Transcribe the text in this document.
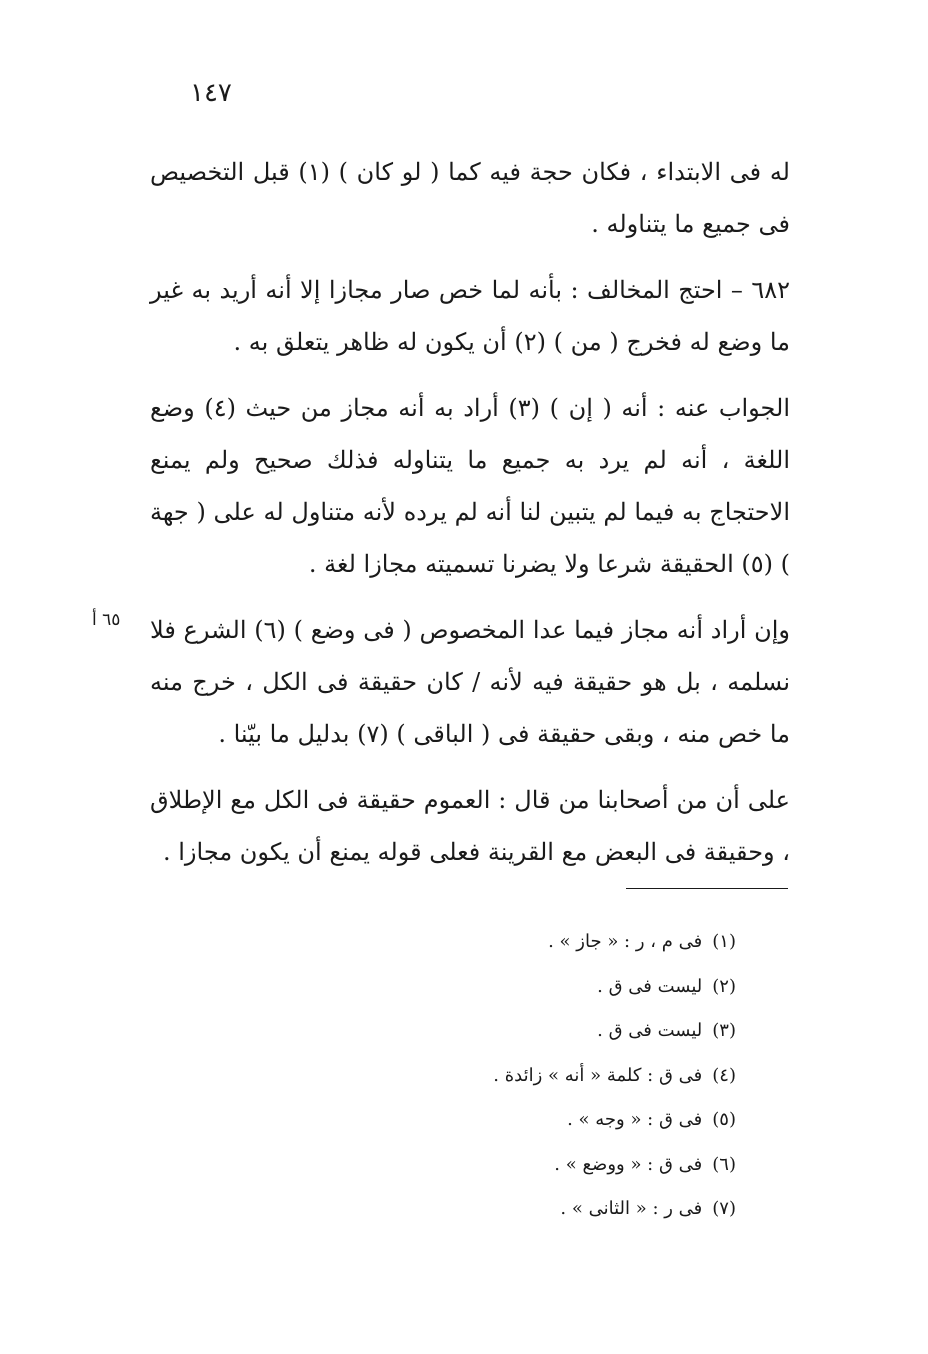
١٤٧

له فى الابتداء ، فكان حجة فيه كما ( لو كان ) (١) قبل التخصيص فى جميع ما يتناوله .

٦٨٢ – احتج المخالف : بأنه لما خص صار مجازا إلا أنه أريد به غير ما وضع له فخرج ( من ) (٢) أن يكون له ظاهر يتعلق به .

الجواب عنه : أنه ( إن ) (٣) أراد به أنه مجاز من حيث (٤) وضع اللغة ، أنه لم يرد به جميع ما يتناوله فذلك صحيح ولم يمنع الاحتجاج به فيما لم يتبين لنا أنه لم يرده لأنه متناول له على ( جهة ) (٥) الحقيقة شرعا ولا يضرنا تسميته مجازا لغة .

وإن أراد أنه مجاز فيما عدا المخصوص ( فى وضع ) (٦) الشرع فلا نسلمه ، بل هو حقيقة فيه لأنه / كان حقيقة فى الكل ، خرج منه ما خص منه ، وبقى حقيقة فى ( الباقى ) (٧) بدليل ما بيّنا .

على أن من أصحابنا من قال : العموم حقيقة فى الكل مع الإطلاق ، وحقيقة فى البعض مع القرينة فعلى قوله يمنع أن يكون مجازا .

٦٥ أ
(١)فى م ، ر : « جاز » .
(٢)ليست فى ق .
(٣)ليست فى ق .
(٤)فى ق : كلمة « أنه » زائدة .
(٥)فى ق : « وجه » .
(٦)فى ق : « ووضع » .
(٧)فى ر : « الثانى » .
